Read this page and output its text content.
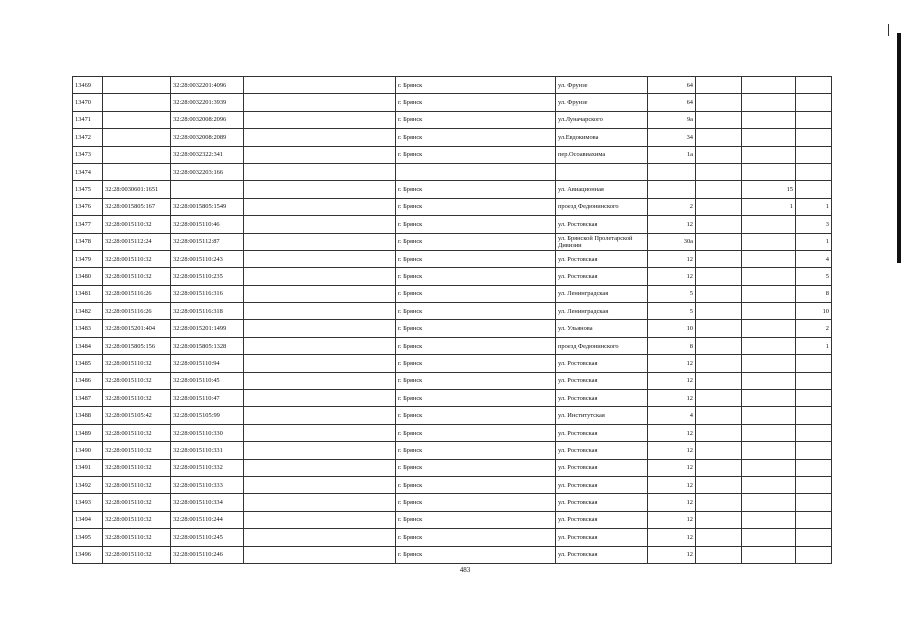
13469		32:28:0032201:4096		г. Брянск	ул. Фрунзе	64			
13470		32:28:0032201:3939		г. Брянск	ул. Фрунзе	64			
13471		32:28:0032008:2096		г. Брянск	ул.Луначарского	9а			
13472		32:28:0032008:2089		г. Брянск	ул.Евдокимова	34			
13473		32:28:0032322:341		г. Брянск	пер.Осоавиахима	1а			
13474		32:28:0032203:166							
13475	32:28:0030601:1651			г. Брянск	ул. Авиационная			15	
13476	32:28:0015805:167	32:28:0015805:1549		г. Брянск	проезд Федюнинского	2		1	1
13477	32:28:0015110:32	32:28:0015110:46		г. Брянск	ул. Ростовская	12			3
13478	32:28:0015112:24	32:28:0015112:87		г. Брянск	ул. Брянской Пролетарской Дивизии	30а			1
13479	32:28:0015110:32	32:28:0015110:243		г. Брянск	ул. Ростовская	12			4
13480	32:28:0015110:32	32:28:0015110:235		г. Брянск	ул. Ростовская	12			5
13481	32:28:0015116:26	32:28:0015116:316		г. Брянск	ул. Ленинградская	5			8
13482	32:28:0015116:26	32:28:0015116:318		г. Брянск	ул. Ленинградская	5			10
13483	32:28:0015201:404	32:28:0015201:1499		г. Брянск	ул. Ульянова	10			2
13484	32:28:0015805:156	32:28:0015805:1328		г. Брянск	проезд Федюнинского	8			1
13485	32:28:0015110:32	32:28:0015110:94		г. Брянск	ул. Ростовская	12			
13486	32:28:0015110:32	32:28:0015110:45		г. Брянск	ул. Ростовская	12			
13487	32:28:0015110:32	32:28:0015110:47		г. Брянск	ул. Ростовская	12			
13488	32:28:0015105:42	32:28:0015105:99		г. Брянск	ул. Институтская	4			
13489	32:28:0015110:32	32:28:0015110:330		г. Брянск	ул. Ростовская	12			
13490	32:28:0015110:32	32:28:0015110:331		г. Брянск	ул. Ростовская	12			
13491	32:28:0015110:32	32:28:0015110:332		г. Брянск	ул. Ростовская	12			
13492	32:28:0015110:32	32:28:0015110:333		г. Брянск	ул. Ростовская	12			
13493	32:28:0015110:32	32:28:0015110:334		г. Брянск	ул. Ростовская	12			
13494	32:28:0015110:32	32:28:0015110:244		г. Брянск	ул. Ростовская	12			
13495	32:28:0015110:32	32:28:0015110:245		г. Брянск	ул. Ростовская	12			
13496	32:28:0015110:32	32:28:0015110:246		г. Брянск	ул. Ростовская	12			
483
